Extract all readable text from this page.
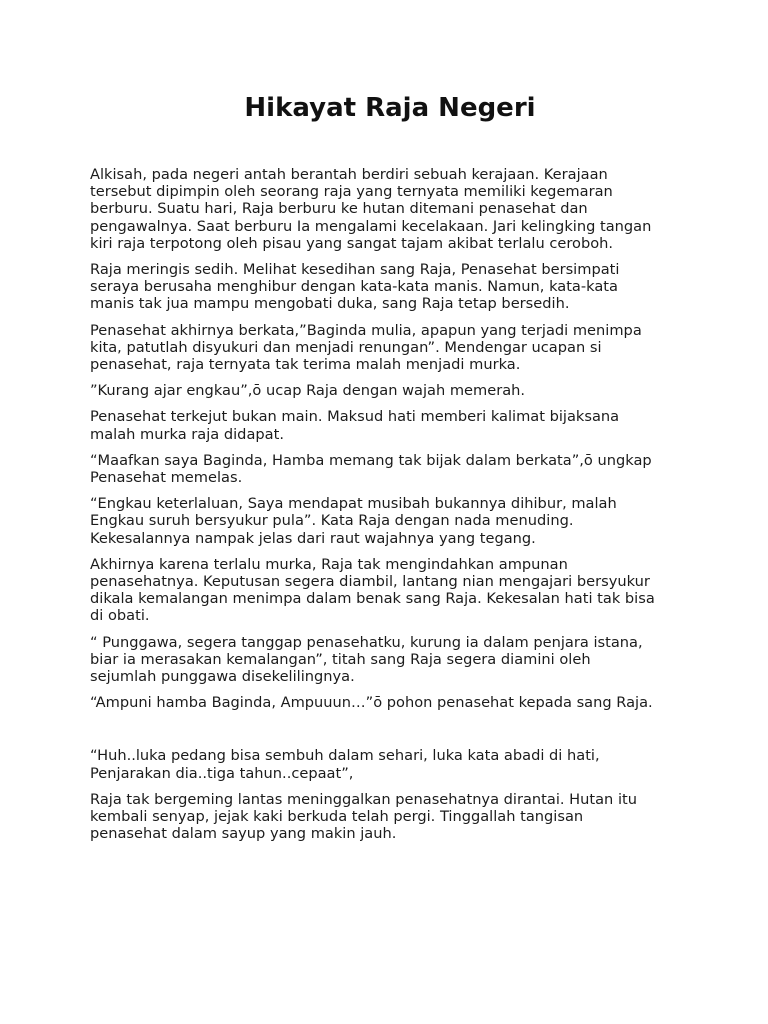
Hikayat Raja Negeri

Alkisah, pada negeri antah berantah berdiri sebuah kerajaan. Kerajaan
tersebut dipimpin oleh seorang raja yang ternyata memiliki kegemaran
berburu. Suatu hari, Raja berburu ke hutan ditemani penasehat dan
pengawalnya. Saat berburu Ia mengalami kecelakaan. Jari kelingking tangan
kiri raja terpotong oleh pisau yang sangat tajam akibat terlalu ceroboh.

Raja meringis sedih. Melihat kesedihan sang Raja, Penasehat bersimpati
seraya berusaha menghibur dengan kata-kata manis. Namun, kata-kata
manis tak jua mampu mengobati duka, sang Raja tetap bersedih.

Penasehat akhirnya berkata,”Baginda mulia, apapun yang terjadi menimpa
kita, patutlah disyukuri dan menjadi renungan”. Mendengar ucapan si
penasehat, raja ternyata tak terima malah menjadi murka.

”Kurang ajar engkau”,ō ucap Raja dengan wajah memerah.

Penasehat terkejut bukan main. Maksud hati memberi kalimat bijaksana
malah murka raja didapat.

“Maafkan saya Baginda, Hamba memang tak bijak dalam berkata”,ō ungkap
Penasehat memelas.

“Engkau keterlaluan, Saya mendapat musibah bukannya dihibur, malah
Engkau suruh bersyukur pula”. Kata Raja dengan nada menuding.
Kekesalannya nampak jelas dari raut wajahnya yang tegang.

Akhirnya karena terlalu murka, Raja tak mengindahkan ampunan
penasehatnya. Keputusan segera diambil, lantang nian mengajari bersyukur
dikala kemalangan menimpa dalam benak sang Raja. Kekesalan hati tak bisa
di obati.

“ Punggawa, segera tanggap penasehatku, kurung ia dalam penjara istana,
biar ia merasakan kemalangan”, titah sang Raja segera diamini oleh
sejumlah punggawa disekelilingnya.

“Ampuni hamba Baginda, Ampuuun…”ō pohon penasehat kepada sang Raja.

“Huh..luka pedang bisa sembuh dalam sehari, luka kata abadi di hati,
Penjarakan dia..tiga tahun..cepaat”,

Raja tak bergeming lantas meninggalkan penasehatnya dirantai. Hutan itu
kembali senyap, jejak kaki berkuda telah pergi. Tinggallah tangisan
penasehat dalam sayup yang makin jauh.
